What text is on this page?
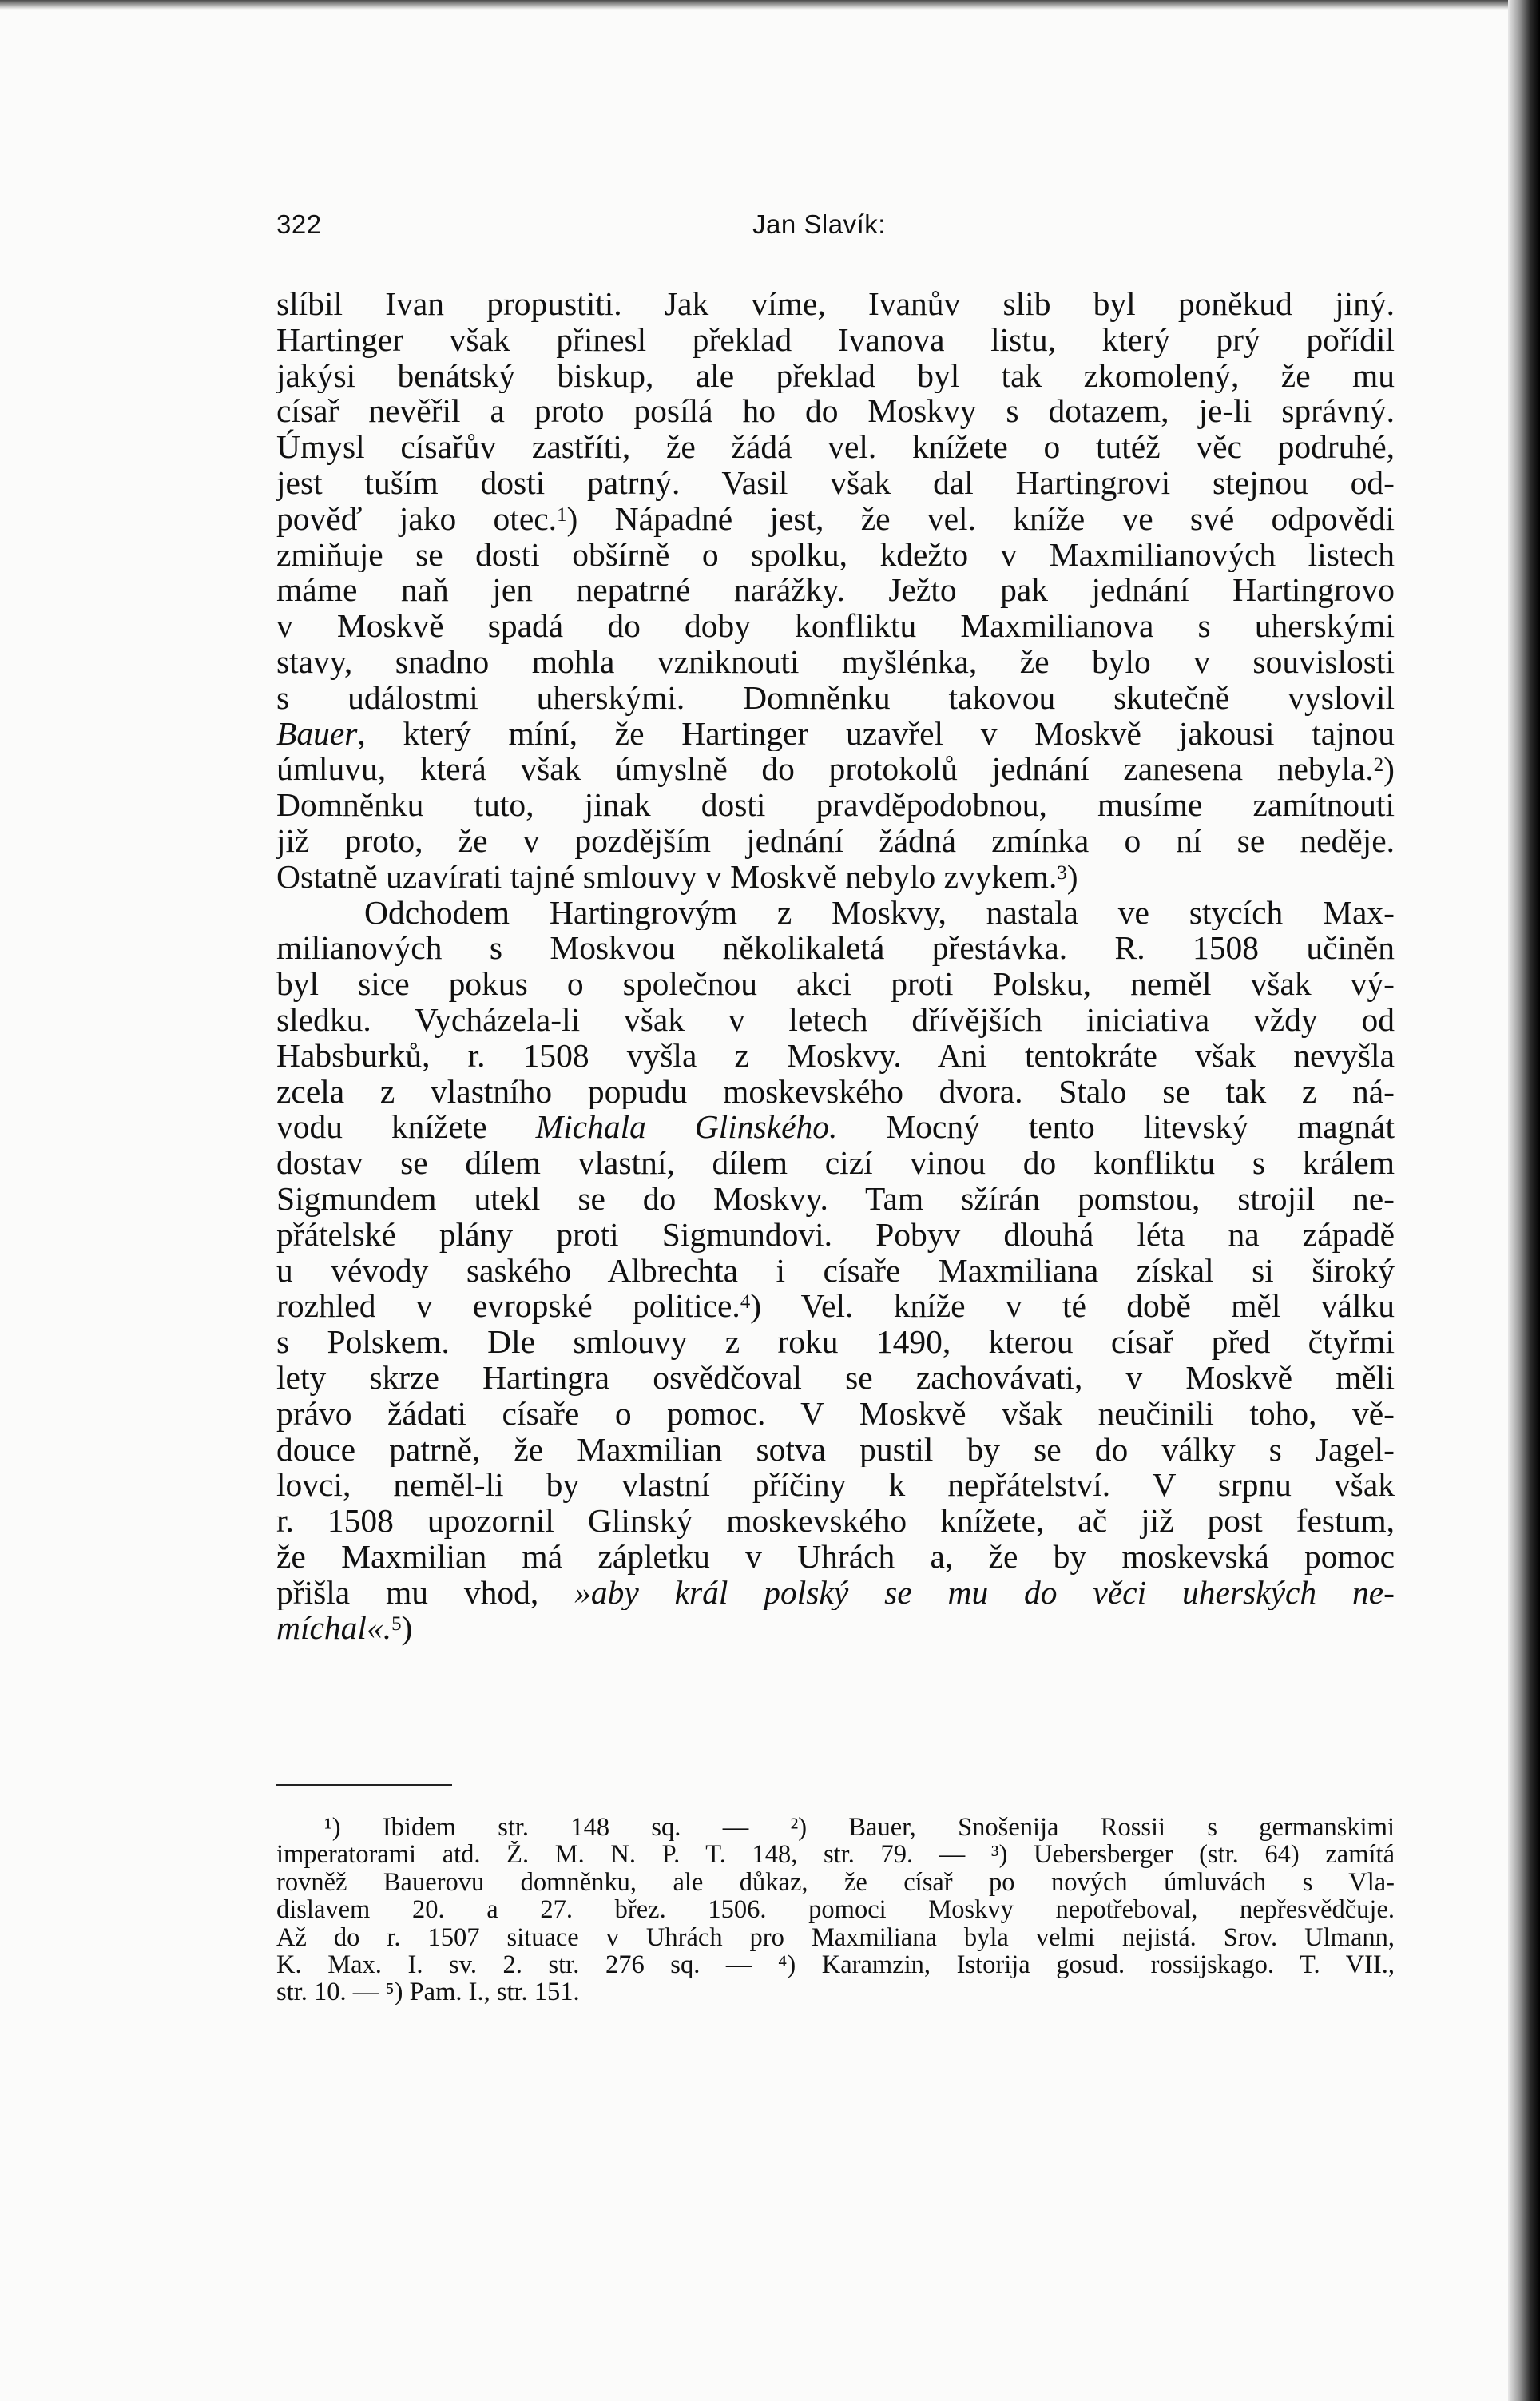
322	Jan Slavík:
slíbil Ivan propustiti. Jak víme, Ivanův slib byl poněkud jiný.
Hartinger však přinesl překlad Ivanova listu, který prý pořídil
jakýsi benátský biskup, ale překlad byl tak zkomolený, že mu
císař nevěřil a proto posílá ho do Moskvy s dotazem, je-li správný.
Úmysl císařův zastříti, že žádá vel. knížete o tutéž věc podruhé,
jest tuším dosti patrný. Vasil však dal Hartingrovi stejnou od-
pověď jako otec.$^1$) Nápadné jest, že vel. kníže ve své odpovědi
zmiňuje se dosti obšírně o spolku, kdežto v Maxmilianových listech
máme naň jen nepatrné narážky. Ježto pak jednání Hartingrovo
v Moskvě spadá do doby konfliktu Maxmilianova s uherskými
stavy, snadno mohla vzniknouti myšlénka, že bylo v souvislosti
s událostmi uherskými. Domněnku takovou skutečně vyslovil
Bauer, který míní, že Hartinger uzavřel v Moskvě jakousi tajnou
úmluvu, která však úmyslně do protokolů jednání zanesena nebyla.$^2$)
Domněnku tuto, jinak dosti pravděpodobnou, musíme zamítnouti
již proto, že v pozdějším jednání žádná zmínka o ní se neděje.
Ostatně uzavírati tajné smlouvy v Moskvě nebylo zvykem.$^3$)
Odchodem Hartingrovým z Moskvy, nastala ve stycích Max-
milianových s Moskvou několikaletá přestávka. R. 1508 učiněn
byl sice pokus o společnou akci proti Polsku, neměl však vý-
sledku. Vycházela-li však v letech dřívějších iniciativa vždy od
Habsburků, r. 1508 vyšla z Moskvy. Ani tentokráte však nevyšla
zcela z vlastního popudu moskevského dvora. Stalo se tak z ná-
vodu knížete Michala Glinského. Mocný tento litevský magnát
dostav se dílem vlastní, dílem cizí vinou do konfliktu s králem
Sigmundem utekl se do Moskvy. Tam sžírán pomstou, strojil ne-
přátelské plány proti Sigmundovi. Pobyv dlouhá léta na západě
u vévody saského Albrechta i císaře Maxmiliana získal si široký
rozhled v evropské politice.$^4$) Vel. kníže v té době měl válku
s Polskem. Dle smlouvy z roku 1490, kterou císař před čtyřmi
lety skrze Hartingra osvědčoval se zachovávati, v Moskvě měli
právo žádati císaře o pomoc. V Moskvě však neučinili toho, vě-
douce patrně, že Maxmilian sotva pustil by se do války s Jagel-
lovci, neměl-li by vlastní příčiny k nepřátelství. V srpnu však
r. 1508 upozornil Glinský moskevského knížete, ač již post festum,
že Maxmilian má zápletku v Uhrách a, že by moskevská pomoc
přišla mu vhod, »aby král polský se mu do věci uherských ne-
míchal«.$^5$)
¹) Ibidem str. 148 sq. — ²) Bauer, Snošenija Rossii s germanskimi
imperatorami atd. Ž. M. N. P. T. 148, str. 79. — ³) Uebersberger (str. 64) zamítá
rovněž Bauerovu domněnku, ale důkaz, že císař po nových úmluvách s Vla-
dislavem 20. a 27. břez. 1506. pomoci Moskvy nepotřeboval, nepřesvědčuje.
Až do r. 1507 situace v Uhrách pro Maxmiliana byla velmi nejistá. Srov. Ulmann,
K. Max. I. sv. 2. str. 276 sq. — ⁴) Karamzin, Istorija gosud. rossijskago. T. VII.,
str. 10. — ⁵) Pam. I., str. 151.
